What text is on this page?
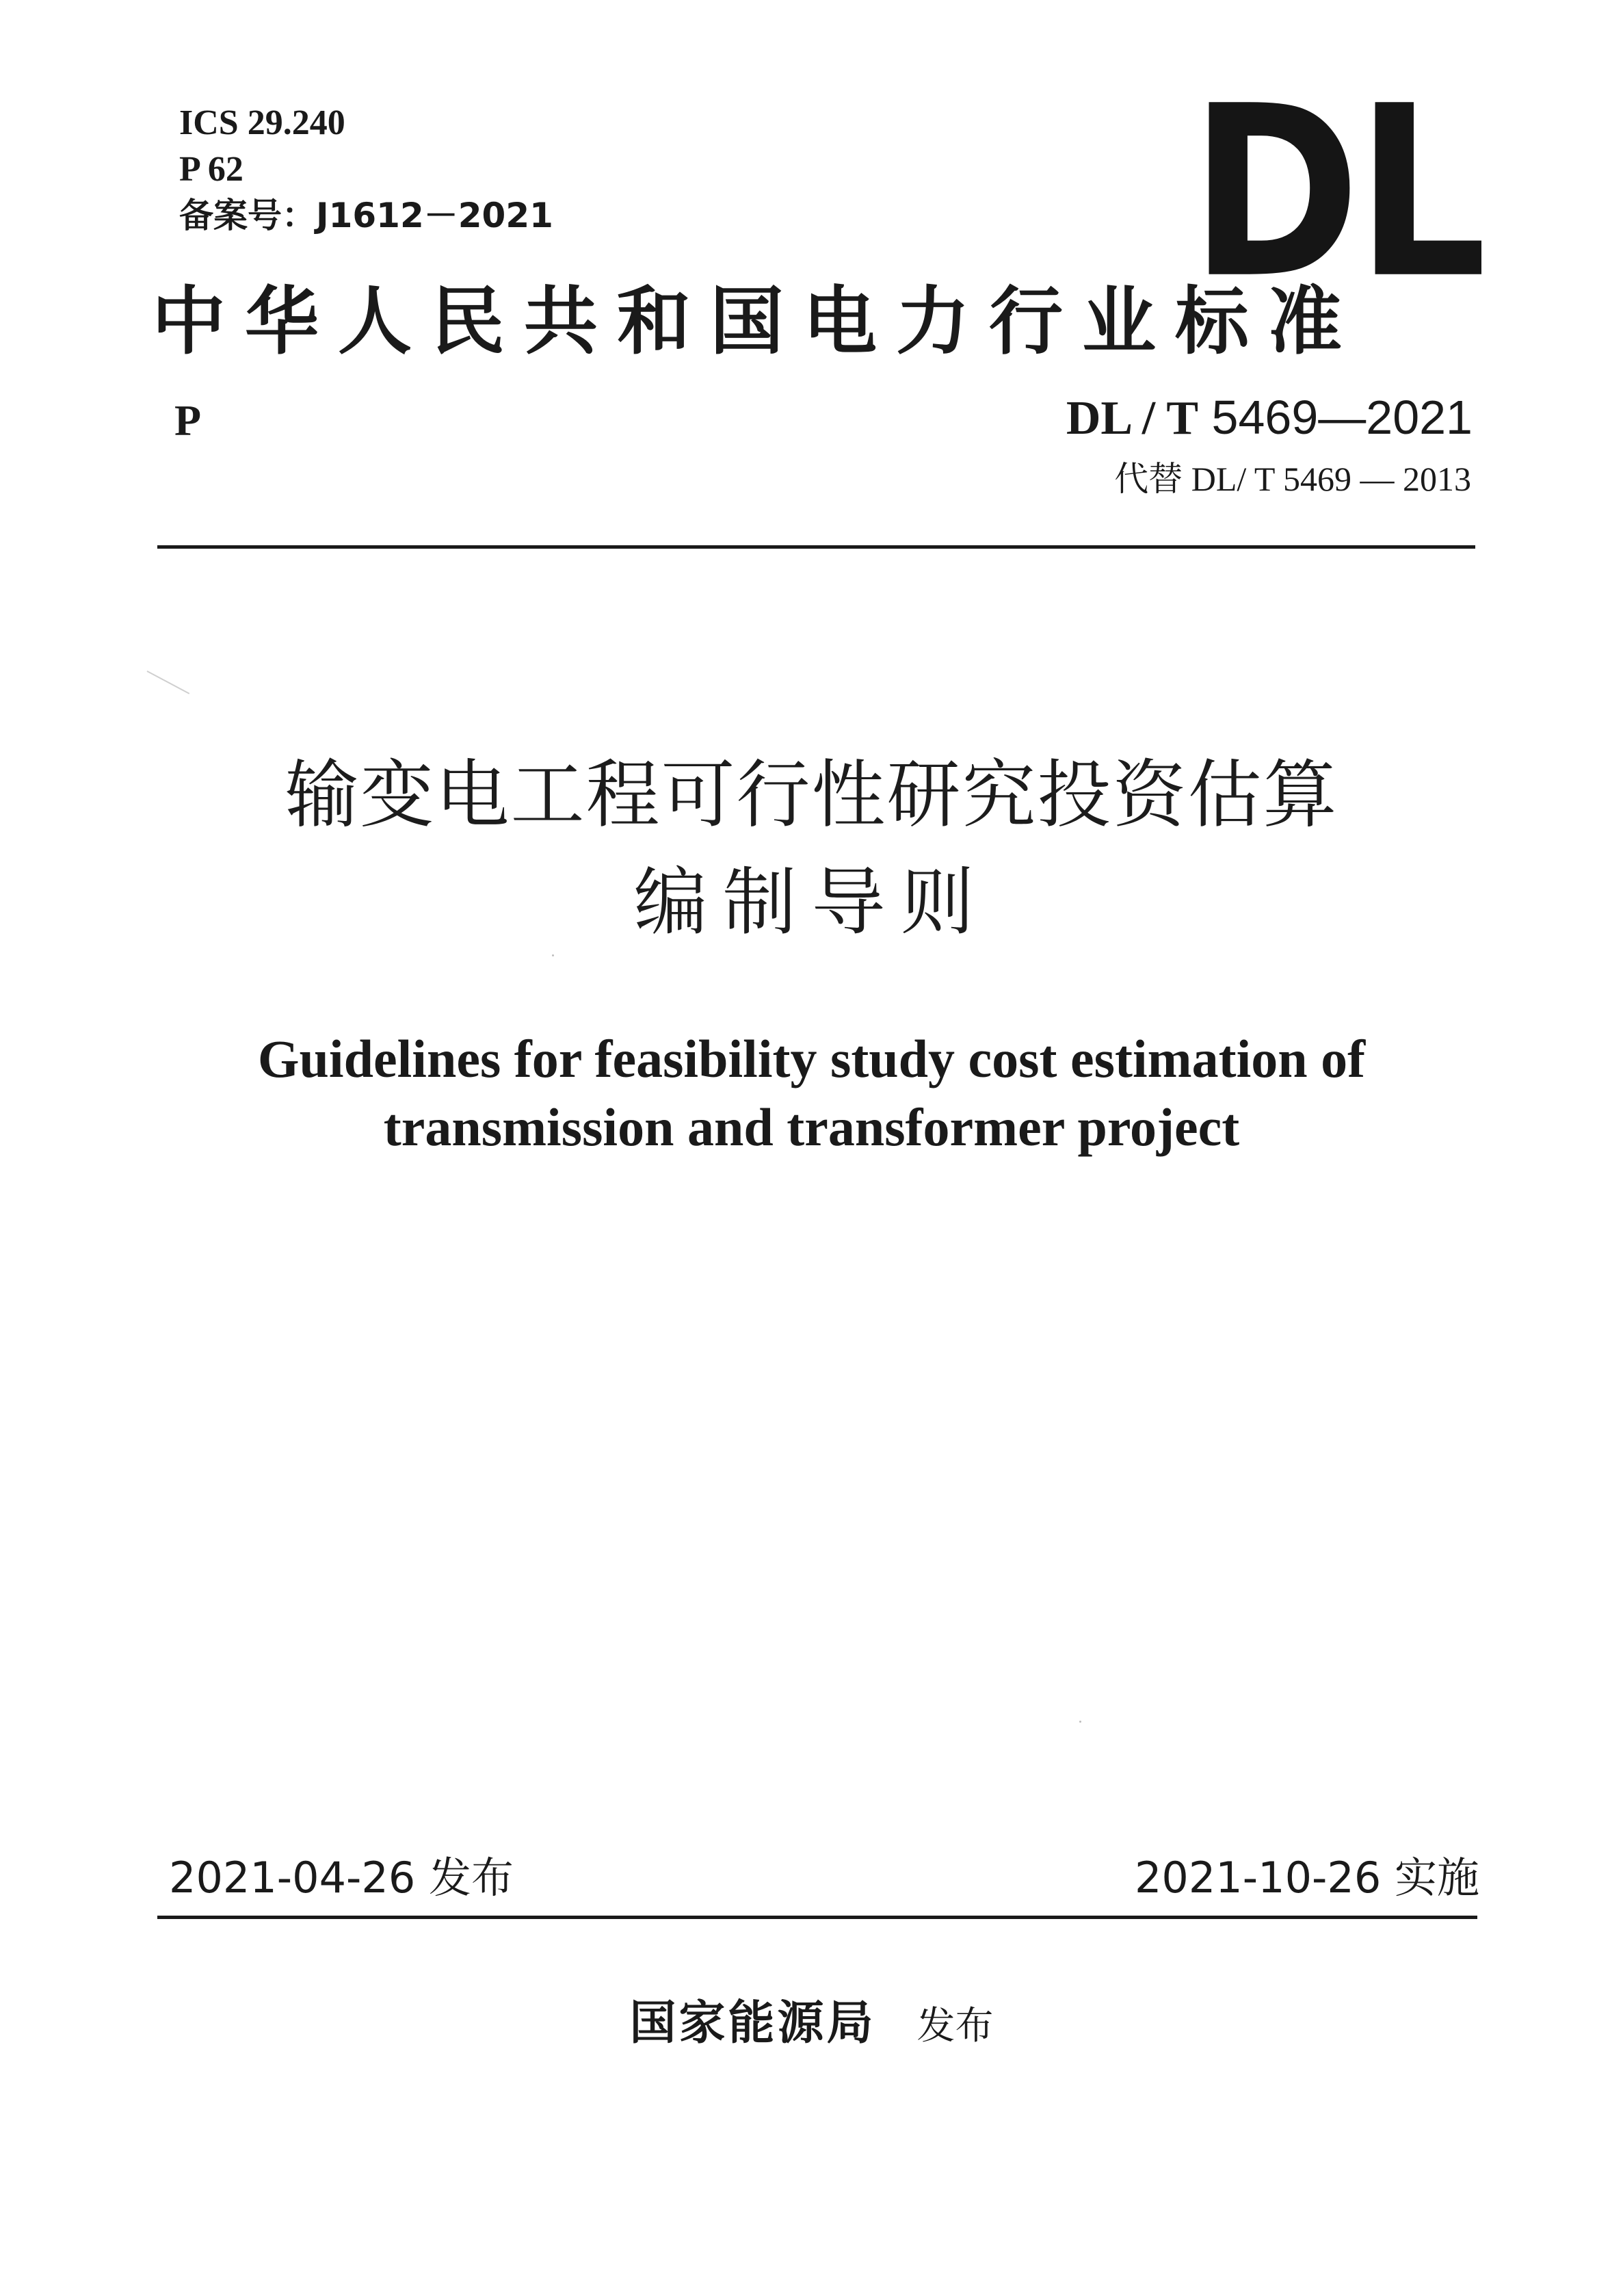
ICS 29.240
P 62
备案号：J1612－2021	DL
中华人民共和国电力行业标准
P	DL / T 5469—2021
代替 DL/ T 5469 — 2013
输变电工程可行性研究投资估算
编制导则
Guidelines for feasibility study cost estimation of
transmission and transformer project
2021-04-26 发布	2021-10-26 实施
国家能源局 发布
